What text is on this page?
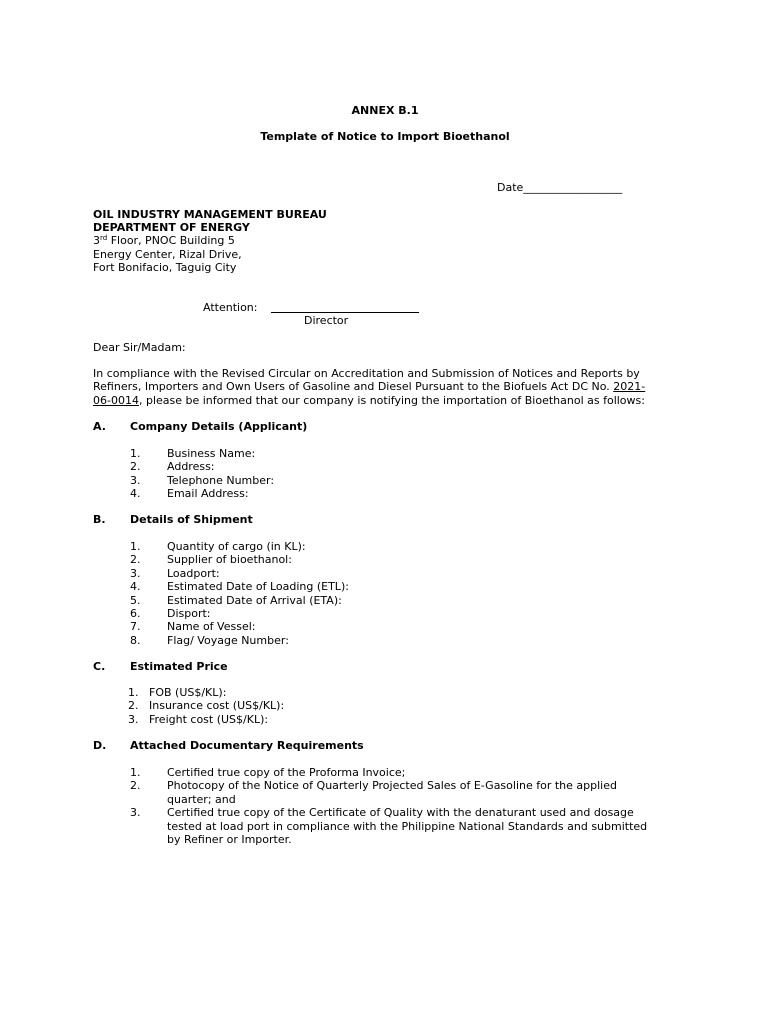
ANNEX B.1
Template of Notice to Import Bioethanol
Date__________________
OIL INDUSTRY MANAGEMENT BUREAU
DEPARTMENT OF ENERGY
3rd Floor, PNOC Building 5
Energy Center, Rizal Drive,
Fort Bonifacio, Taguig City
Attention:
Director
Dear Sir/Madam:
In compliance with the Revised Circular on Accreditation and Submission of Notices and Reports by
Refiners, Importers and Own Users of Gasoline and Diesel Pursuant to the Biofuels Act DC No. 2021-
06-0014, please be informed that our company is notifying the importation of Bioethanol as follows:
A. Company Details (Applicant)
1. Business Name:
2. Address:
3. Telephone Number:
4. Email Address:
B. Details of Shipment
1. Quantity of cargo (in KL):
2. Supplier of bioethanol:
3. Loadport:
4. Estimated Date of Loading (ETL):
5. Estimated Date of Arrival (ETA):
6. Disport:
7. Name of Vessel:
8. Flag/ Voyage Number:
C. Estimated Price
1. FOB (US$/KL):
2. Insurance cost (US$/KL):
3. Freight cost (US$/KL):
D. Attached Documentary Requirements
1. Certified true copy of the Proforma Invoice;
2. Photocopy of the Notice of Quarterly Projected Sales of E-Gasoline for the applied
quarter; and
3. Certified true copy of the Certificate of Quality with the denaturant used and dosage
tested at load port in compliance with the Philippine National Standards and submitted
by Refiner or Importer.
